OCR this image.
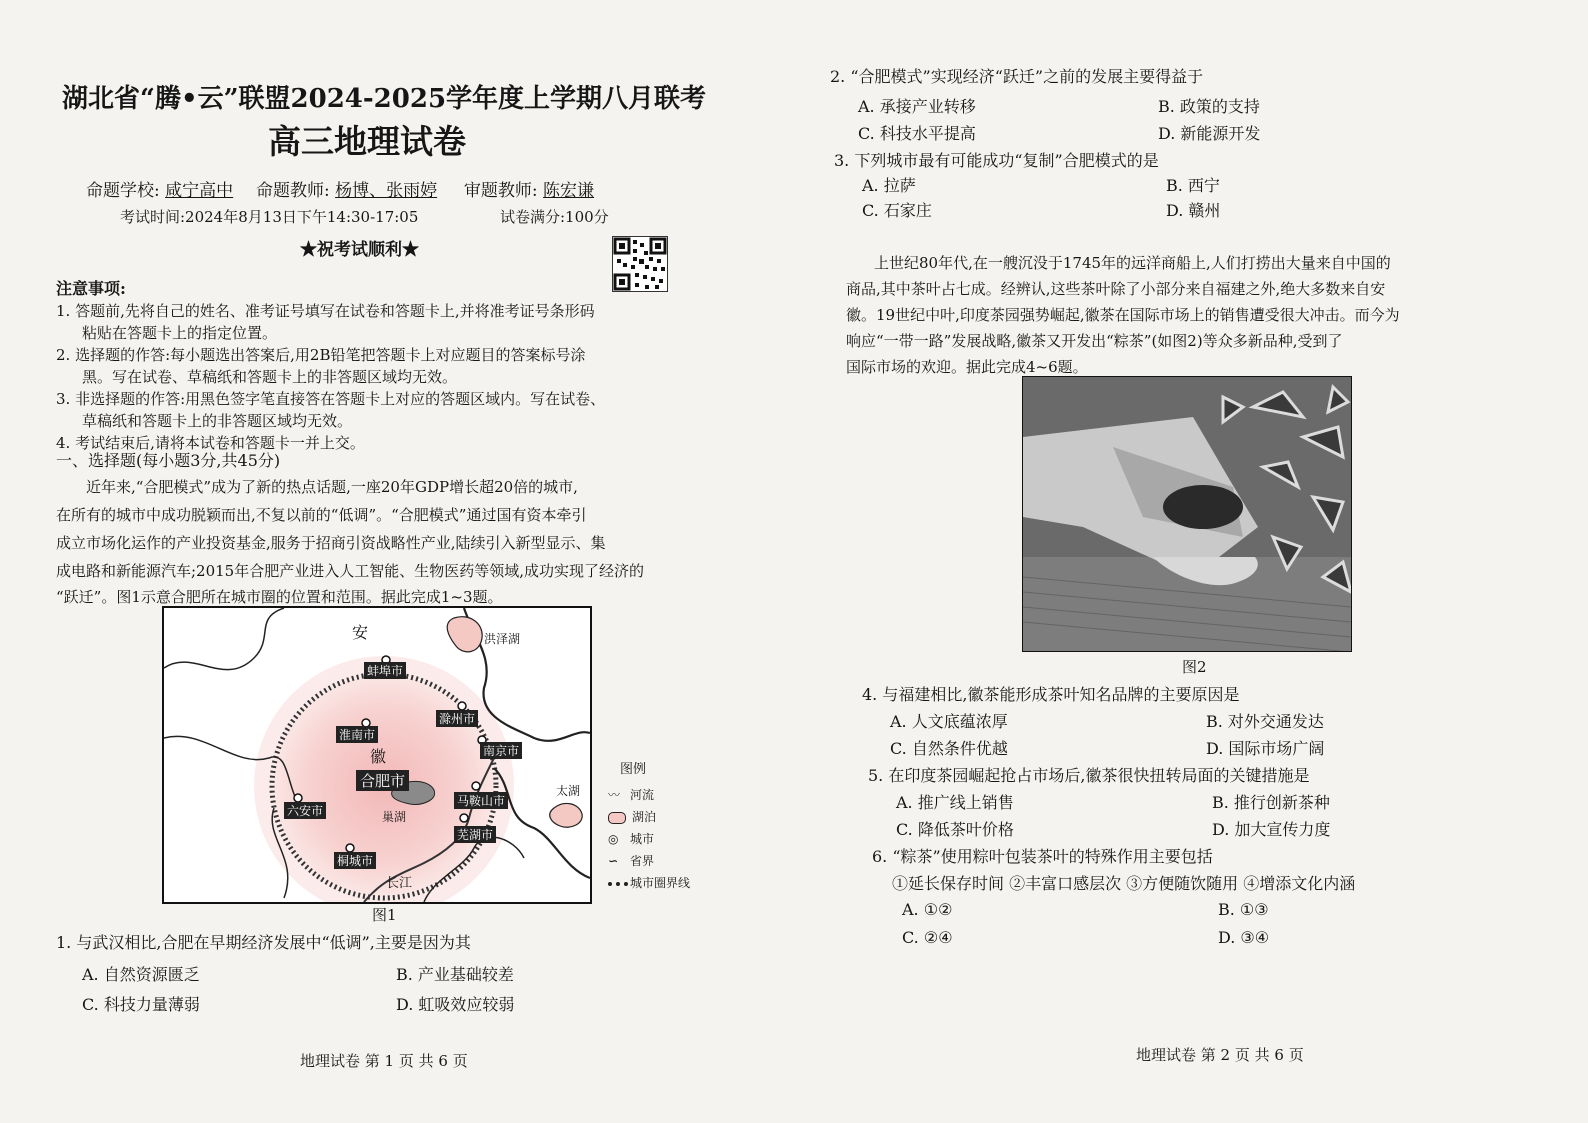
湖北省“腾•云”联盟2024-2025学年度上学期八月联考
高三地理试卷
命题学校: 咸宁高中 命题教师: 杨博、张雨婷 审题教师: 陈宏谦
考试时间:2024年8月13日下午14:30-17:05	试卷满分:100分
★祝考试顺利★
注意事项:
1. 答题前,先将自己的姓名、准考证号填写在试卷和答题卡上,并将准考证号条形码
粘贴在答题卡上的指定位置。
2. 选择题的作答:每小题选出答案后,用2B铅笔把答题卡上对应题目的答案标号涂
黑。写在试卷、草稿纸和答题卡上的非答题区域均无效。
3. 非选择题的作答:用黑色签字笔直接答在答题卡上对应的答题区域内。写在试卷、
草稿纸和答题卡上的非答题区域均无效。
4. 考试结束后,请将本试卷和答题卡一并上交。
一、选择题(每小题3分,共45分)
近年来,“合肥模式”成为了新的热点话题,一座20年GDP增长超20倍的城市,
在所有的城市中成功脱颖而出,不复以前的“低调”。“合肥模式”通过国有资本牵引
成立市场化运作的产业投资基金,服务于招商引资战略性产业,陆续引入新型显示、集
成电路和新能源汽车;2015年合肥产业进入人工智能、生物医药等领域,成功实现了经济的
“跃迁”。图1示意合肥所在城市圈的位置和范围。据此完成1~3题。
安	洪泽湖
蚌埠市
淮南市
徽
滁州市
南京市
合肥市
六安市	巢湖
马鞍山市
芜湖市
桐城市
长江
太湖
图例
〰 河流
湖泊
◎ 城市
∽ 省界
城市圈界线
图1
1. 与武汉相比,合肥在早期经济发展中“低调”,主要是因为其
A. 自然资源匮乏	B. 产业基础较差
C. 科技力量薄弱	D. 虹吸效应较弱
地理试卷 第 1 页 共 6 页
2. “合肥模式”实现经济“跃迁”之前的发展主要得益于
A. 承接产业转移	B. 政策的支持
C. 科技水平提高	D. 新能源开发
3. 下列城市最有可能成功“复制”合肥模式的是
A. 拉萨	B. 西宁
C. 石家庄	D. 赣州
上世纪80年代,在一艘沉没于1745年的远洋商船上,人们打捞出大量来自中国的
商品,其中茶叶占七成。经辨认,这些茶叶除了小部分来自福建之外,绝大多数来自安
徽。19世纪中叶,印度茶园强势崛起,徽茶在国际市场上的销售遭受很大冲击。而今为
响应“一带一路”发展战略,徽茶又开发出“粽茶”(如图2)等众多新品种,受到了
国际市场的欢迎。据此完成4~6题。
图2
4. 与福建相比,徽茶能形成茶叶知名品牌的主要原因是
A. 人文底蕴浓厚	B. 对外交通发达
C. 自然条件优越	D. 国际市场广阔
5. 在印度茶园崛起抢占市场后,徽茶很快扭转局面的关键措施是
A. 推广线上销售	B. 推行创新茶种
C. 降低茶叶价格	D. 加大宣传力度
6. “粽茶”使用粽叶包装茶叶的特殊作用主要包括
①延长保存时间 ②丰富口感层次 ③方便随饮随用 ④增添文化内涵
A. ①②	B. ①③
C. ②④	D. ③④
地理试卷 第 2 页 共 6 页
